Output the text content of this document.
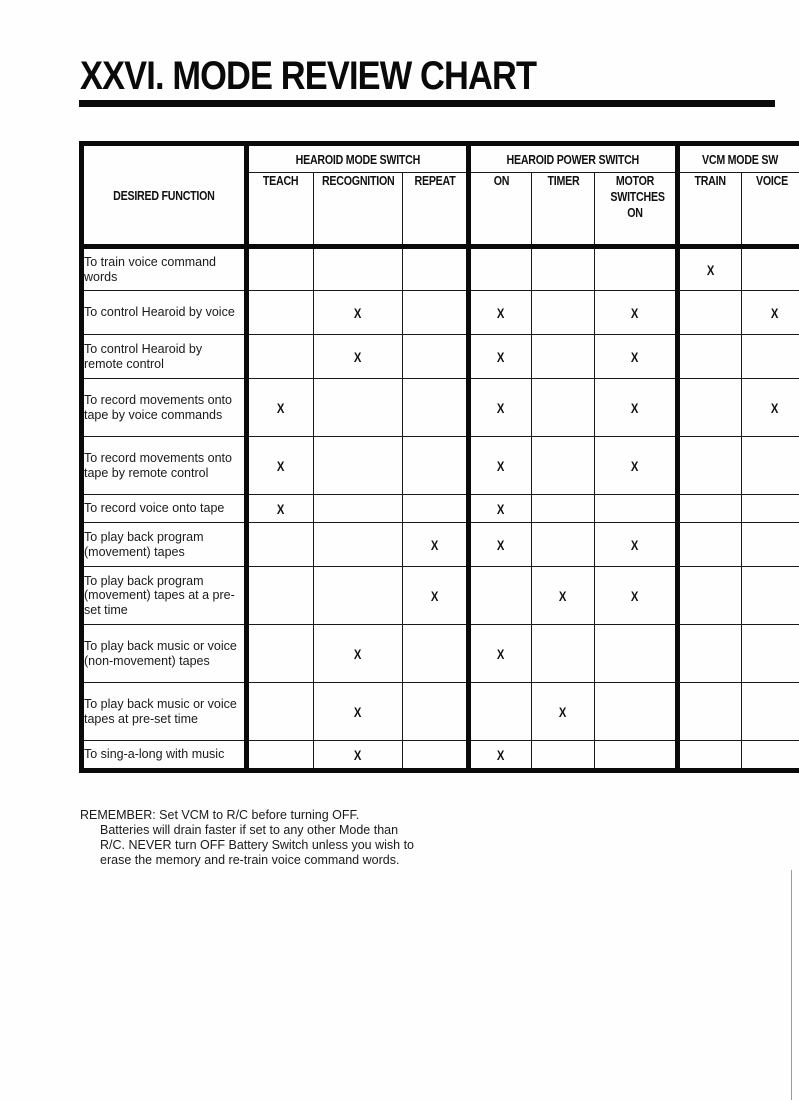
XXVI. MODE REVIEW CHART
DESIRED FUNCTION	HEAROID MODE SWITCH			HEAROID POWER SWITCH			VCM MODE SW		
	TEACH	RECOGNITION	REPEAT	ON	TIMER	MOTOR SWITCHES ON	TRAIN	VOICE	
To train voice command words							X		
To control Hearoid by voice		X		X		X		X	
To control Hearoid by remote control		X		X		X			
To record movements onto tape by voice commands	X			X		X		X	
To record movements onto tape by remote control	X			X		X			
To record voice onto tape	X			X					
To play back program (movement) tapes			X	X		X			
To play back program (movement) tapes at a pre-set time			X		X	X			
To play back music or voice (non-movement) tapes		X		X					
To play back music or voice tapes at pre-set time		X			X				
To sing-a-long with music		X		X					
REMEMBER: Set VCM to R/C before turning OFF.
Batteries will drain faster if set to any other Mode than R/C. NEVER turn OFF Battery Switch unless you wish to erase the memory and re-train voice command words.
